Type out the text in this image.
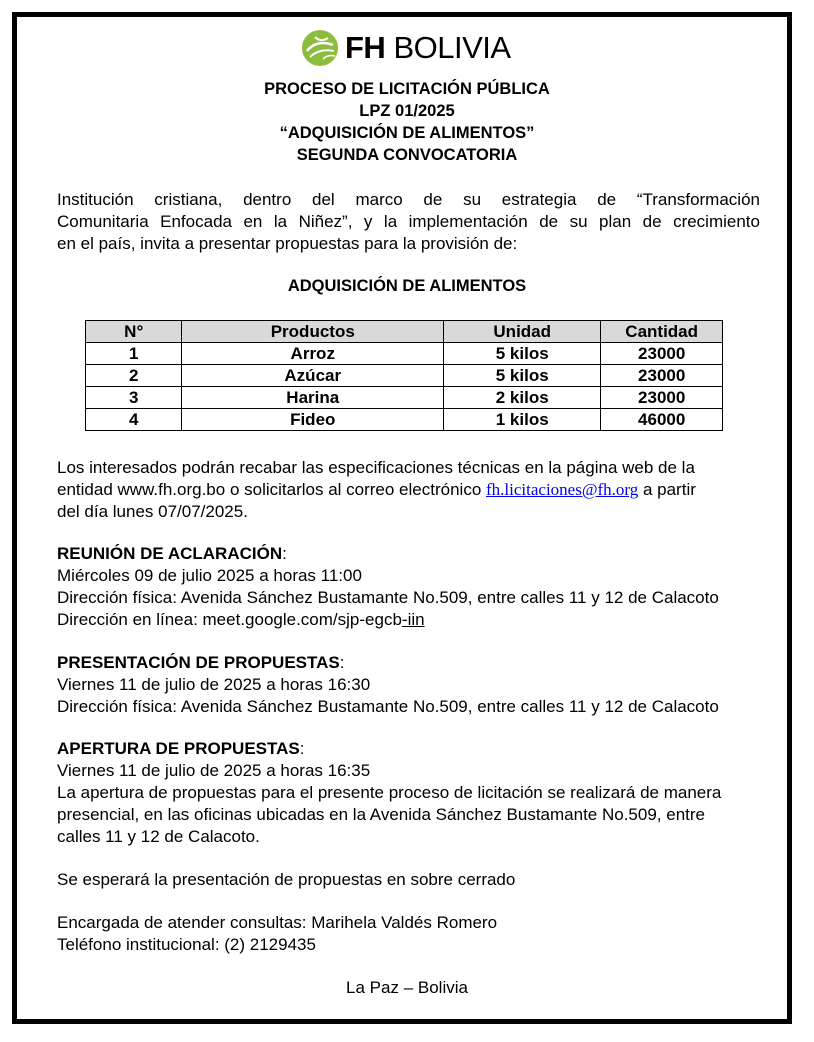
FH BOLIVIA
PROCESO DE LICITACIÓN PÚBLICA
LPZ 01/2025
“ADQUISICIÓN DE ALIMENTOS”
SEGUNDA CONVOCATORIA
Institución cristiana, dentro del marco de su estrategia de “Transformación
Comunitaria Enfocada en la Niñez”, y la implementación de su plan de crecimiento
en el país, invita a presentar propuestas para la provisión de:
ADQUISICIÓN DE ALIMENTOS
N°	Productos	Unidad	Cantidad
1	Arroz	5 kilos	23000
2	Azúcar	5 kilos	23000
3	Harina	2 kilos	23000
4	Fideo	1 kilos	46000
Los interesados podrán recabar las especificaciones técnicas en la página web de la
entidad www.fh.org.bo o solicitarlos al correo electrónico fh.licitaciones@fh.org a partir
del día lunes 07/07/2025.
REUNIÓN DE ACLARACIÓN:
Miércoles 09 de julio 2025 a horas 11:00
Dirección física: Avenida Sánchez Bustamante No.509, entre calles 11 y 12 de Calacoto
Dirección en línea: meet.google.com/sjp-egcb-iin
PRESENTACIÓN DE PROPUESTAS:
Viernes 11 de julio de 2025 a horas 16:30
Dirección física: Avenida Sánchez Bustamante No.509, entre calles 11 y 12 de Calacoto
APERTURA DE PROPUESTAS:
Viernes 11 de julio de 2025 a horas 16:35
La apertura de propuestas para el presente proceso de licitación se realizará de manera
presencial, en las oficinas ubicadas en la Avenida Sánchez Bustamante No.509, entre
calles 11 y 12 de Calacoto.
Se esperará la presentación de propuestas en sobre cerrado
Encargada de atender consultas: Marihela Valdés Romero
Teléfono institucional: (2) 2129435
La Paz – Bolivia
